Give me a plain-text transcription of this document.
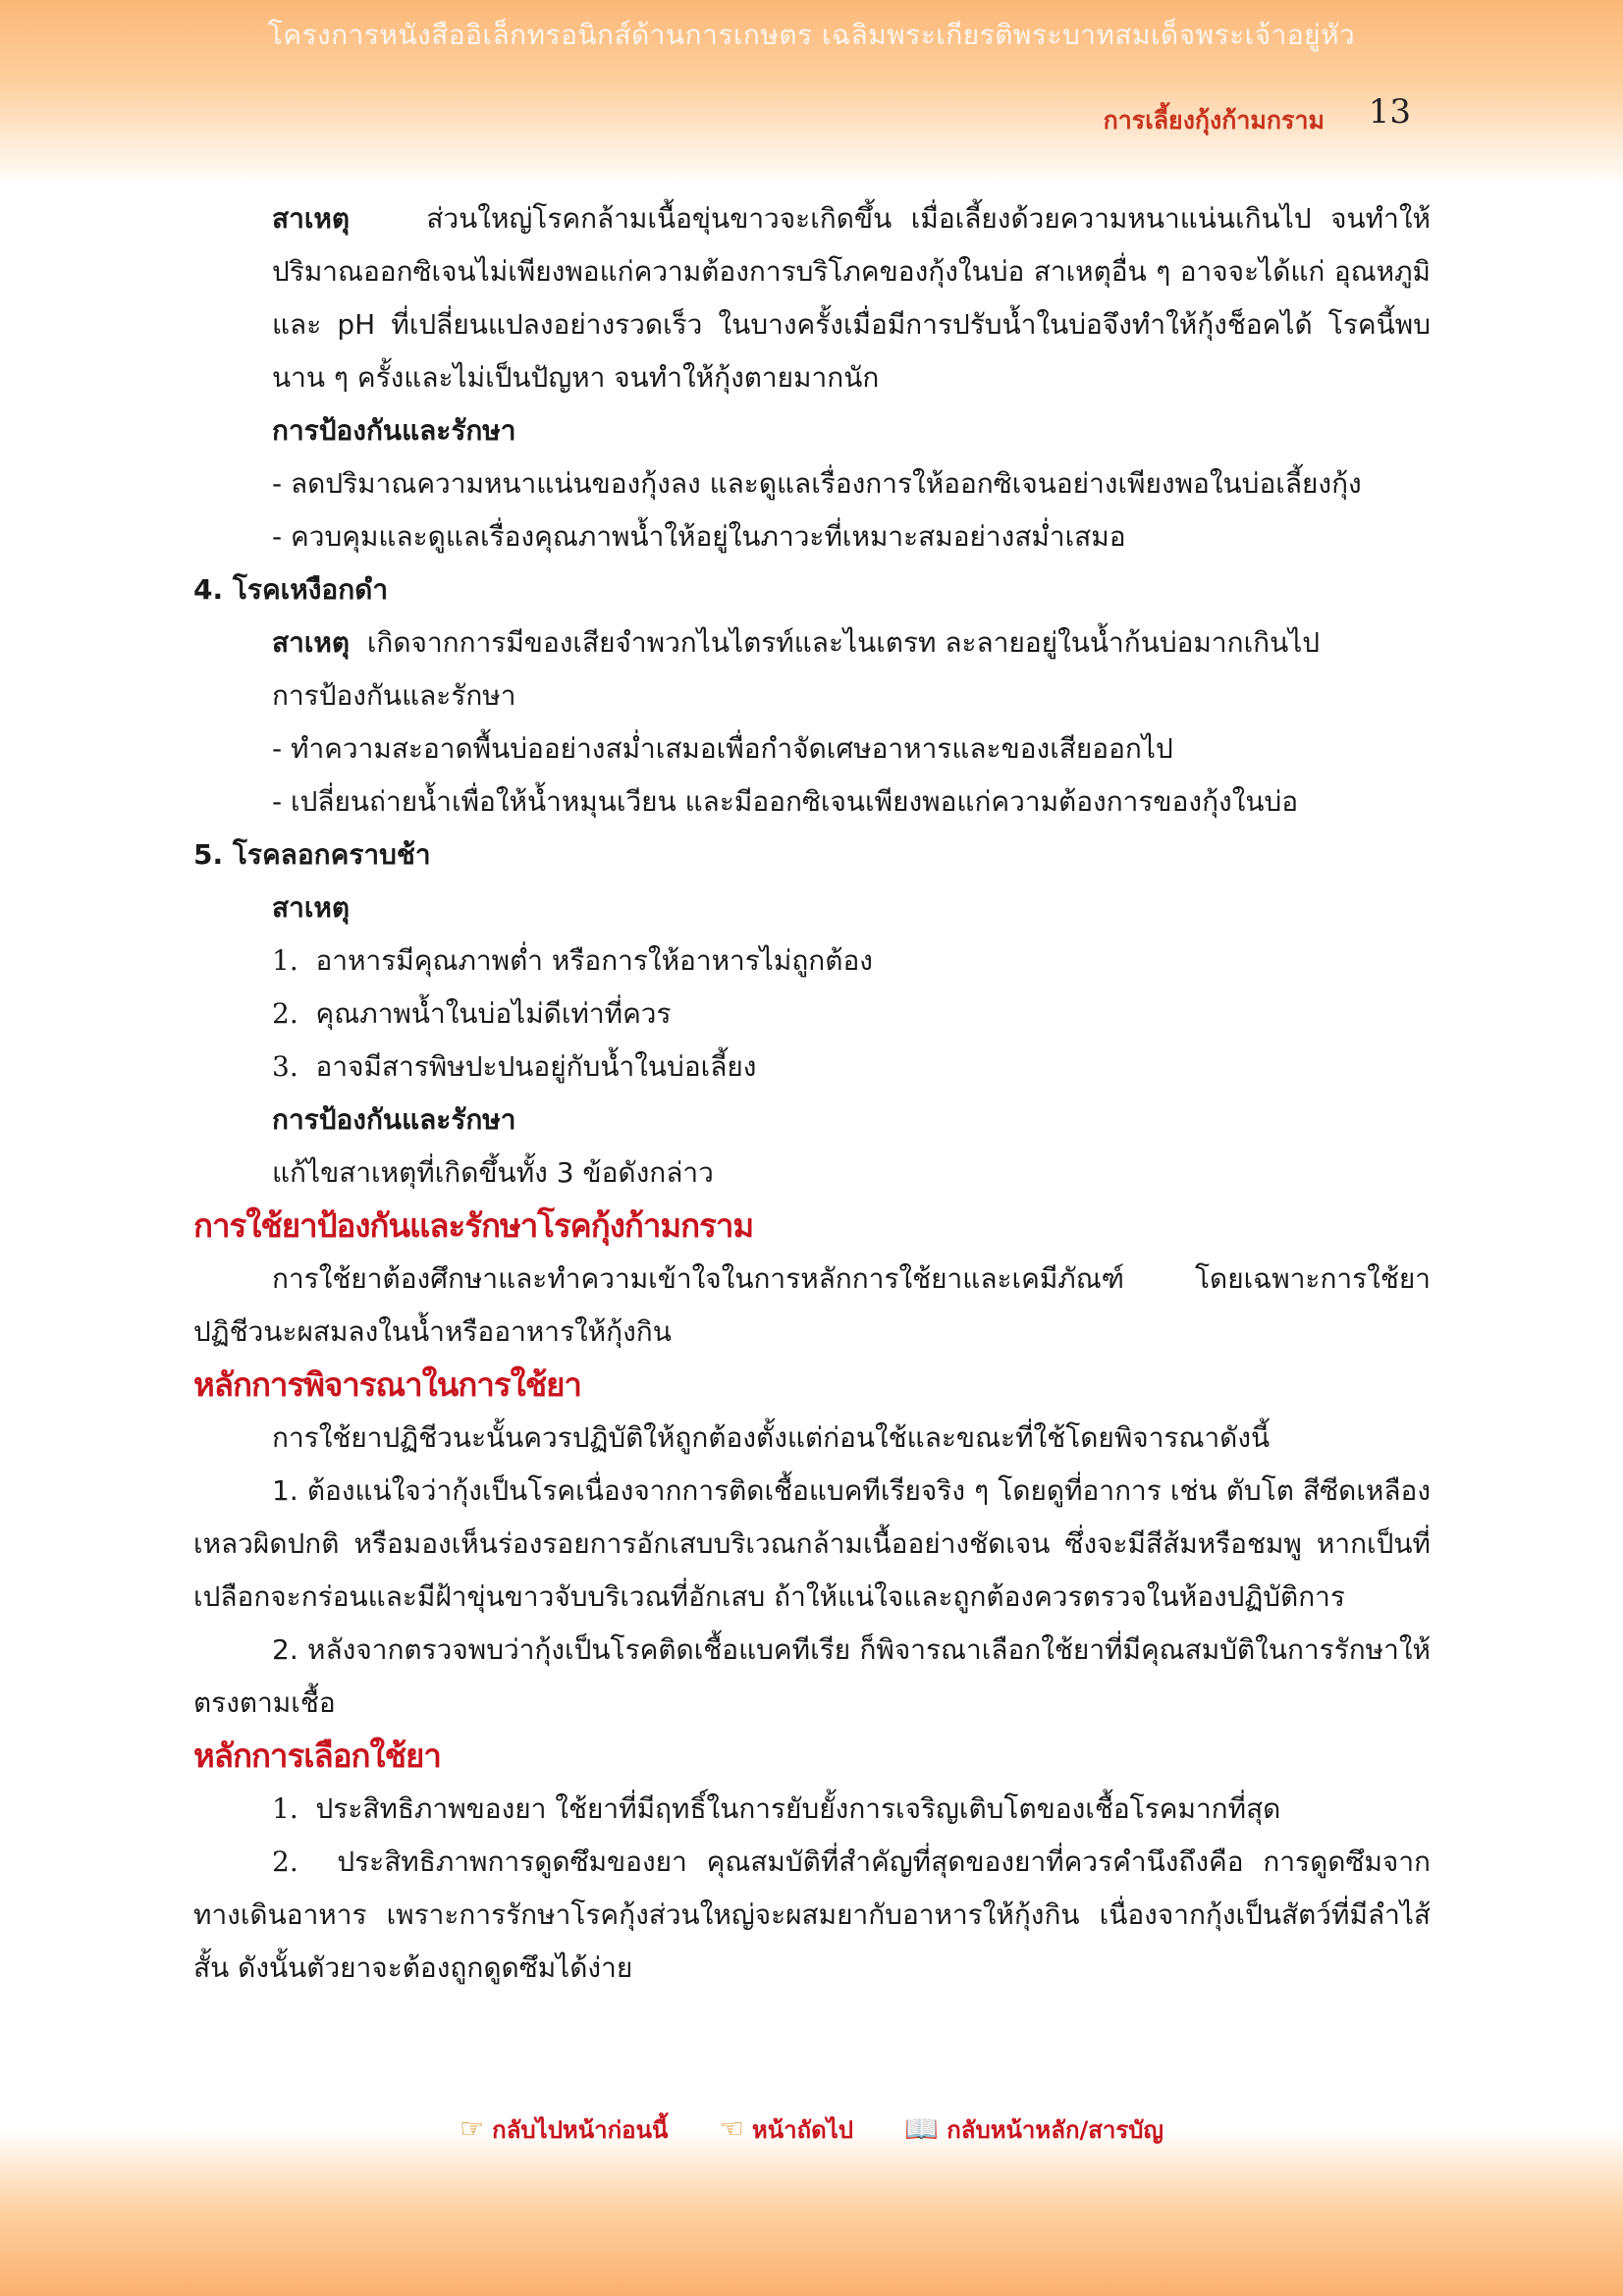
โครงการหนังสืออิเล็กทรอนิกส์ด้านการเกษตร เฉลิมพระเกียรติพระบาทสมเด็จพระเจ้าอยู่หัว
การเลี้ยงกุ้งก้ามกราม 13

สาเหตุ	ส่วนใหญ่โรคกล้ามเนื้อขุ่นขาวจะเกิดขึ้น เมื่อเลี้ยงด้วยความหนาแน่นเกินไป จนทำให้ปริมาณออกซิเจนไม่เพียงพอแก่ความต้องการบริโภคของกุ้งในบ่อ สาเหตุอื่น ๆ อาจจะได้แก่ อุณหภูมิ และ pH ที่เปลี่ยนแปลงอย่างรวดเร็ว ในบางครั้งเมื่อมีการปรับน้ำในบ่อจึงทำให้กุ้งช็อคได้ โรคนี้พบนาน ๆ ครั้งและไม่เป็นปัญหา จนทำให้กุ้งตายมากนัก

การป้องกันและรักษา

- ลดปริมาณความหนาแน่นของกุ้งลง และดูแลเรื่องการให้ออกซิเจนอย่างเพียงพอในบ่อเลี้ยงกุ้ง

- ควบคุมและดูแลเรื่องคุณภาพน้ำให้อยู่ในภาวะที่เหมาะสมอย่างสม่ำเสมอ

4. โรคเหงือกดำ

สาเหตุ เกิดจากการมีของเสียจำพวกไนไตรท์และไนเตรท ละลายอยู่ในน้ำก้นบ่อมากเกินไป

การป้องกันและรักษา

- ทำความสะอาดพื้นบ่ออย่างสม่ำเสมอเพื่อกำจัดเศษอาหารและของเสียออกไป

- เปลี่ยนถ่ายน้ำเพื่อให้น้ำหมุนเวียน และมีออกซิเจนเพียงพอแก่ความต้องการของกุ้งในบ่อ

5. โรคลอกคราบช้า

สาเหตุ

1. อาหารมีคุณภาพต่ำ หรือการให้อาหารไม่ถูกต้อง

2. คุณภาพน้ำในบ่อไม่ดีเท่าที่ควร

3. อาจมีสารพิษปะปนอยู่กับน้ำในบ่อเลี้ยง

การป้องกันและรักษา

แก้ไขสาเหตุที่เกิดขึ้นทั้ง 3 ข้อดังกล่าว

การใช้ยาป้องกันและรักษาโรคกุ้งก้ามกราม

การใช้ยาต้องศึกษาและทำความเข้าใจในการหลักการใช้ยาและเคมีภัณฑ์ โดยเฉพาะการใช้ยาปฏิชีวนะผสมลงในน้ำหรืออาหารให้กุ้งกิน

หลักการพิจารณาในการใช้ยา

การใช้ยาปฏิชีวนะนั้นควรปฏิบัติให้ถูกต้องตั้งแต่ก่อนใช้และขณะที่ใช้โดยพิจารณาดังนี้

1. ต้องแน่ใจว่ากุ้งเป็นโรคเนื่องจากการติดเชื้อแบคทีเรียจริง ๆ โดยดูที่อาการ เช่น ตับโต สีซีดเหลืองเหลวผิดปกติ หรือมองเห็นร่องรอยการอักเสบบริเวณกล้ามเนื้ออย่างชัดเจน ซึ่งจะมีสีส้มหรือชมพู หากเป็นที่เปลือกจะกร่อนและมีฝ้าขุ่นขาวจับบริเวณที่อักเสบ ถ้าให้แน่ใจและถูกต้องควรตรวจในห้องปฏิบัติการ

2. หลังจากตรวจพบว่ากุ้งเป็นโรคติดเชื้อแบคทีเรีย ก็พิจารณาเลือกใช้ยาที่มีคุณสมบัติในการรักษาให้ตรงตามเชื้อ

หลักการเลือกใช้ยา

1. ประสิทธิภาพของยา ใช้ยาที่มีฤทธิ์ในการยับยั้งการเจริญเติบโตของเชื้อโรคมากที่สุด

2. ประสิทธิภาพการดูดซึมของยา คุณสมบัติที่สำคัญที่สุดของยาที่ควรคำนึงถึงคือ การดูดซึมจากทางเดินอาหาร เพราะการรักษาโรคกุ้งส่วนใหญ่จะผสมยากับอาหารให้กุ้งกิน เนื่องจากกุ้งเป็นสัตว์ที่มีลำไส้สั้น ดังนั้นตัวยาจะต้องถูกดูดซึมได้ง่าย

☞ กลับไปหน้าก่อนนี้ ☜ หน้าถัดไป 📖 กลับหน้าหลัก/สารบัญ
